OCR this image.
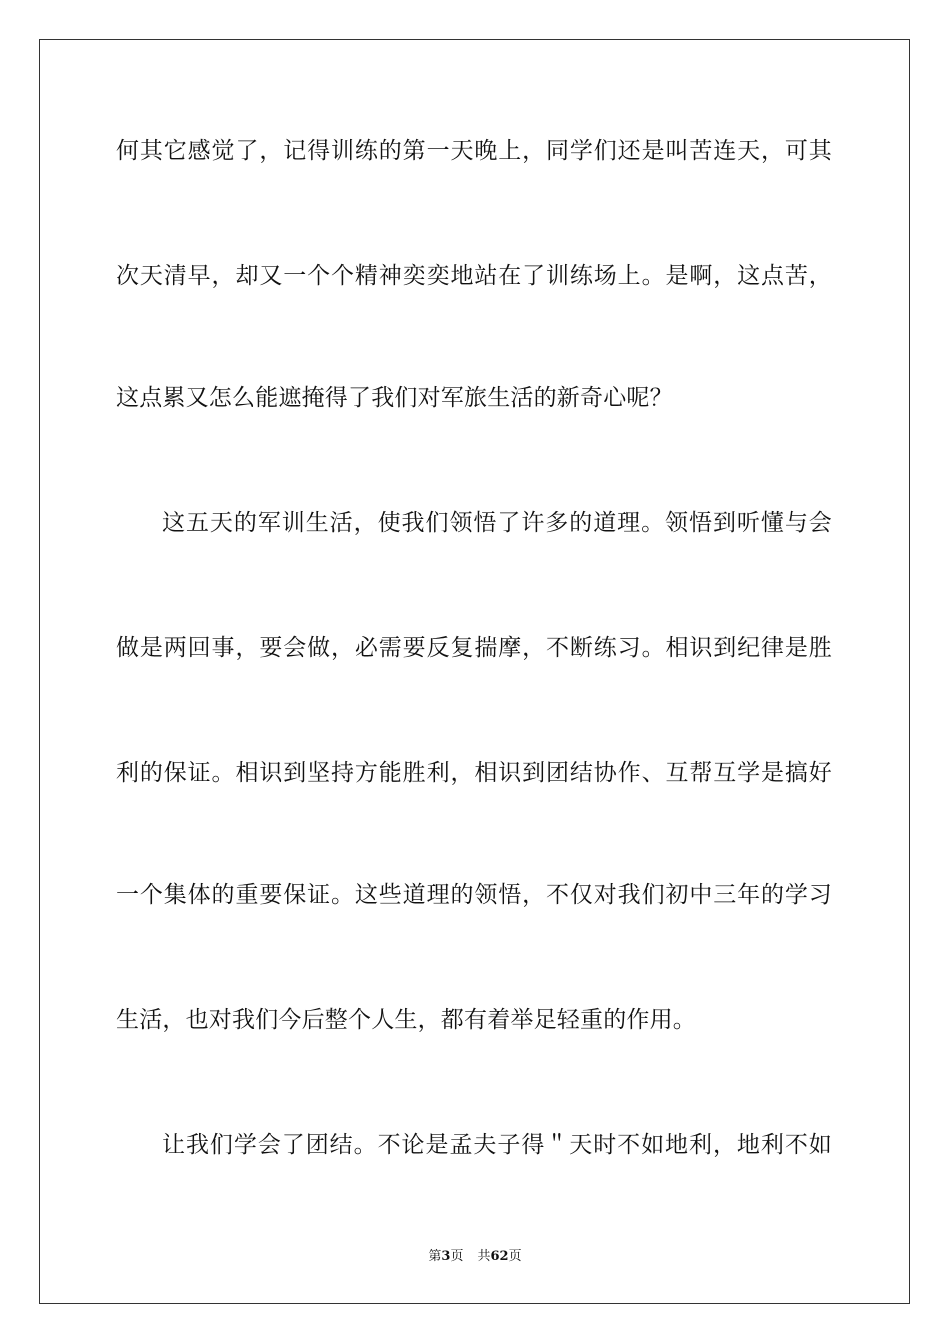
何其它感觉了，记得训练的第一天晚上，同学们还是叫苦连天，可其
次天清早，却又一个个精神奕奕地站在了训练场上。是啊，这点苦，
这点累又怎么能遮掩得了我们对军旅生活的新奇心呢？
这五天的军训生活，使我们领悟了许多的道理。领悟到听懂与会
做是两回事，要会做，必需要反复揣摩，不断练习。相识到纪律是胜
利的保证。相识到坚持方能胜利，相识到团结协作、互帮互学是搞好
一个集体的重要保证。这些道理的领悟，不仅对我们初中三年的学习
生活，也对我们今后整个人生，都有着举足轻重的作用。
让我们学会了团结。不论是孟夫子得＂天时不如地利，地利不如
第3页 共62页
